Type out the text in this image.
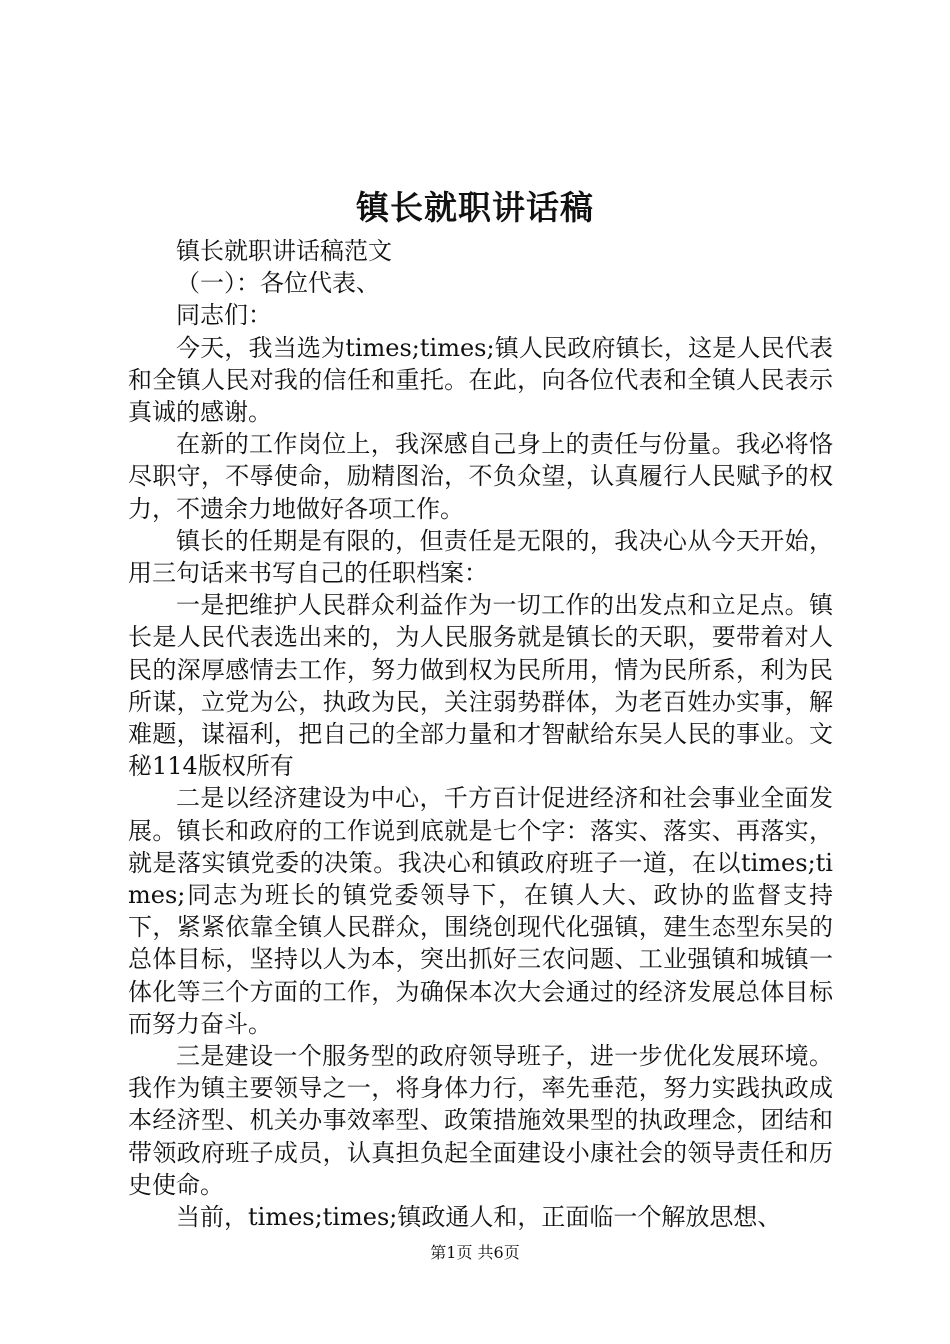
镇长就职讲话稿

镇长就职讲话稿范文

（一）：各位代表、

同志们：

今天，我当选为times;times;镇人民政府镇长，这是人民代表和全镇人民对我的信任和重托。在此，向各位代表和全镇人民表示真诚的感谢。

在新的工作岗位上，我深感自己身上的责任与份量。我必将恪尽职守，不辱使命，励精图治，不负众望，认真履行人民赋予的权力，不遗余力地做好各项工作。

镇长的任期是有限的，但责任是无限的，我决心从今天开始，用三句话来书写自己的任职档案：

一是把维护人民群众利益作为一切工作的出发点和立足点。镇长是人民代表选出来的，为人民服务就是镇长的天职，要带着对人民的深厚感情去工作，努力做到权为民所用，情为民所系，利为民所谋，立党为公，执政为民，关注弱势群体，为老百姓办实事，解难题，谋福利，把自己的全部力量和才智献给东吴人民的事业。文秘114版权所有

二是以经济建设为中心，千方百计促进经济和社会事业全面发展。镇长和政府的工作说到底就是七个字：落实、落实、再落实，就是落实镇党委的决策。我决心和镇政府班子一道，在以times;times;同志为班长的镇党委领导下，在镇人大、政协的监督支持下，紧紧依靠全镇人民群众，围绕创现代化强镇，建生态型东吴的总体目标，坚持以人为本，突出抓好三农问题、工业强镇和城镇一体化等三个方面的工作，为确保本次大会通过的经济发展总体目标而努力奋斗。

三是建设一个服务型的政府领导班子，进一步优化发展环境。我作为镇主要领导之一，将身体力行，率先垂范，努力实践执政成本经济型、机关办事效率型、政策措施效果型的执政理念，团结和带领政府班子成员，认真担负起全面建设小康社会的领导责任和历史使命。

当前，times;times;镇政通人和，正面临一个解放思想、

第1页 共6页
